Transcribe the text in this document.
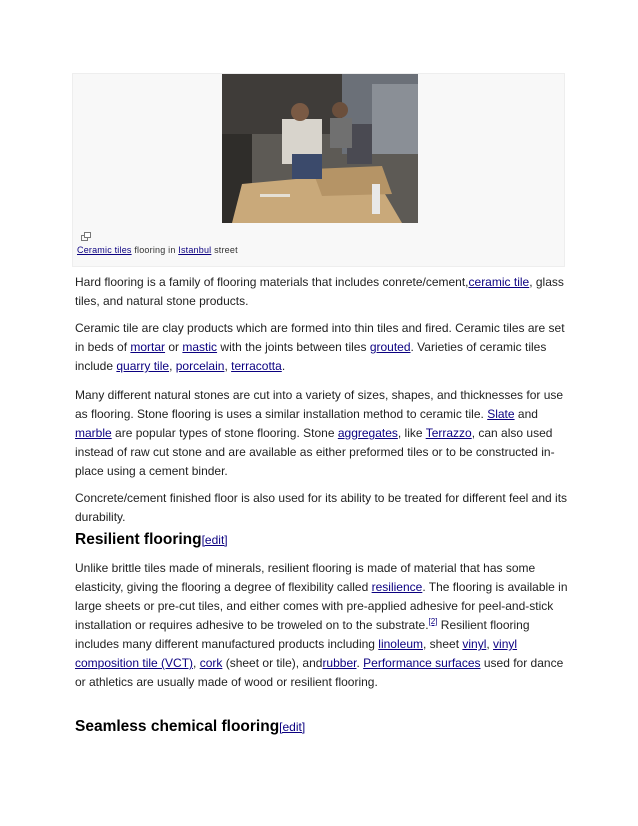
Ceramic tiles flooring in Istanbul street

Hard flooring is a family of flooring materials that includes conrete/cement,ceramic tile, glass tiles, and natural stone products.

Ceramic tile are clay products which are formed into thin tiles and fired. Ceramic tiles are set in beds of mortar or mastic with the joints between tiles grouted. Varieties of ceramic tiles include quarry tile, porcelain, terracotta.

Many different natural stones are cut into a variety of sizes, shapes, and thicknesses for use as flooring. Stone flooring is uses a similar installation method to ceramic tile. Slate and marble are popular types of stone flooring. Stone aggregates, like Terrazzo, can also used instead of raw cut stone and are available as either preformed tiles or to be constructed in-place using a cement binder.

Concrete/cement finished floor is also used for its ability to be treated for different feel and its durability.

Resilient flooring[edit]

Unlike brittle tiles made of minerals, resilient flooring is made of material that has some elasticity, giving the flooring a degree of flexibility called resilience. The flooring is available in large sheets or pre-cut tiles, and either comes with pre-applied adhesive for peel-and-stick installation or requires adhesive to be troweled on to the substrate.[2] Resilient flooring includes many different manufactured products including linoleum, sheet vinyl, vinyl composition tile (VCT), cork (sheet or tile), andrubber. Performance surfaces used for dance or athletics are usually made of wood or resilient flooring.

Seamless chemical flooring[edit]
